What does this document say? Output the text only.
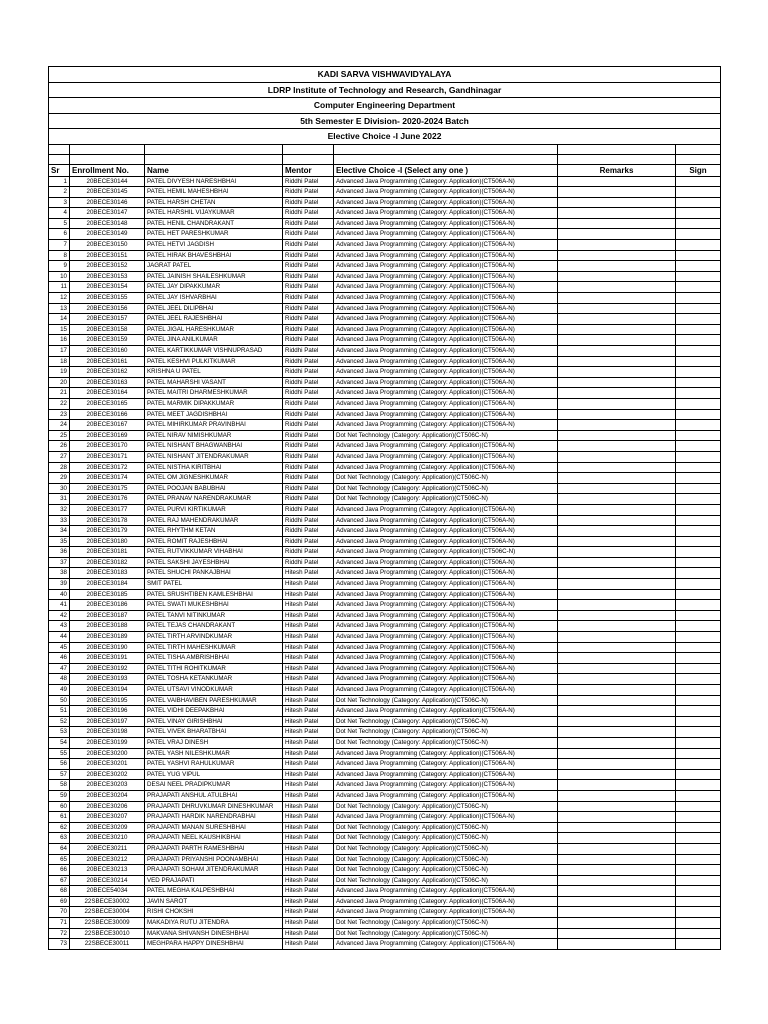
KADI SARVA VISHWAVIDYALAYA						
LDRP Institute of Technology and Research, Gandhinagar						
Computer Engineering Department						
5th Semester E Division- 2020-2024 Batch						
Elective Choice -I June 2022						

Sr	Enrollment No.	Name	Mentor	Elective Choice -I (Select any one )	Remarks	Sign
1	20BECE30144	PATEL DIVYESH NARESHBHAI	Riddhi Patel	Advanced Java Programming (Category: Application)(CT506A-N)		
2	20BECE30145	PATEL HEMIL MAHESHBHAI	Riddhi Patel	Advanced Java Programming (Category: Application)(CT506A-N)		
3	20BECE30146	PATEL HARSH CHETAN	Riddhi Patel	Advanced Java Programming (Category: Application)(CT506A-N)		
4	20BECE30147	PATEL HARSHIL VIJAYKUMAR	Riddhi Patel	Advanced Java Programming (Category: Application)(CT506A-N)		
5	20BECE30148	PATEL HENIL CHANDRAKANT	Riddhi Patel	Advanced Java Programming (Category: Application)(CT506A-N)		
6	20BECE30149	PATEL HET PARESHKUMAR	Riddhi Patel	Advanced Java Programming (Category: Application)(CT506A-N)		
7	20BECE30150	PATEL HETVI JAGDISH	Riddhi Patel	Advanced Java Programming (Category: Application)(CT506A-N)		
8	20BECE30151	PATEL HIRAK BHAVESHBHAI	Riddhi Patel	Advanced Java Programming (Category: Application)(CT506A-N)		
9	20BECE30152	JAGRAT PATEL	Riddhi Patel	Advanced Java Programming (Category: Application)(CT506A-N)		
10	20BECE30153	PATEL JAINISH SHAILESHKUMAR	Riddhi Patel	Advanced Java Programming (Category: Application)(CT506A-N)		
11	20BECE30154	PATEL JAY DIPAKKUMAR	Riddhi Patel	Advanced Java Programming (Category: Application)(CT506A-N)		
12	20BECE30155	PATEL JAY ISHVARBHAI	Riddhi Patel	Advanced Java Programming (Category: Application)(CT506A-N)		
13	20BECE30156	PATEL JEEL DILIPBHAI	Riddhi Patel	Advanced Java Programming (Category: Application)(CT506A-N)		
14	20BECE30157	PATEL JEEL RAJESHBHAI	Riddhi Patel	Advanced Java Programming (Category: Application)(CT506A-N)		
15	20BECE30158	PATEL JIGAL HARESHKUMAR	Riddhi Patel	Advanced Java Programming (Category: Application)(CT506A-N)		
16	20BECE30159	PATEL JINA ANILKUMAR	Riddhi Patel	Advanced Java Programming (Category: Application)(CT506A-N)		
17	20BECE30160	PATEL KARTIKKUMAR VISHNUPRASAD	Riddhi Patel	Advanced Java Programming (Category: Application)(CT506A-N)		
18	20BECE30161	PATEL KESHVI PULKITKUMAR	Riddhi Patel	Advanced Java Programming (Category: Application)(CT506A-N)		
19	20BECE30162	KRISHNA U PATEL	Riddhi Patel	Advanced Java Programming (Category: Application)(CT506A-N)		
20	20BECE30163	PATEL MAHARSHI VASANT	Riddhi Patel	Advanced Java Programming (Category: Application)(CT506A-N)		
21	20BECE30164	PATEL MAITRI DHARMESHKUMAR	Riddhi Patel	Advanced Java Programming (Category: Application)(CT506A-N)		
22	20BECE30165	PATEL MARMIK DIPAKKUMAR	Riddhi Patel	Advanced Java Programming (Category: Application)(CT506A-N)		
23	20BECE30166	PATEL MEET JAGDISHBHAI	Riddhi Patel	Advanced Java Programming (Category: Application)(CT506A-N)		
24	20BECE30167	PATEL MIHIRKUMAR PRAVINBHAI	Riddhi Patel	Advanced Java Programming (Category: Application)(CT506A-N)		
25	20BECE30169	PATEL NIRAV NIMISHKUMAR	Riddhi Patel	Dot Net Technology (Category: Application)(CT506C-N)		
26	20BECE30170	PATEL NISHANT BHAGWANBHAI	Riddhi Patel	Advanced Java Programming (Category: Application)(CT506A-N)		
27	20BECE30171	PATEL NISHANT JITENDRAKUMAR	Riddhi Patel	Advanced Java Programming (Category: Application)(CT506A-N)		
28	20BECE30172	PATEL NISTHA KIRITBHAI	Riddhi Patel	Advanced Java Programming (Category: Application)(CT506A-N)		
29	20BECE30174	PATEL OM JIGNESHKUMAR	Riddhi Patel	Dot Net Technology (Category: Application)(CT506C-N)		
30	20BECE30175	PATEL POOJAN BABUBHAI	Riddhi Patel	Dot Net Technology (Category: Application)(CT506C-N)		
31	20BECE30176	PATEL PRANAV NARENDRAKUMAR	Riddhi Patel	Dot Net Technology (Category: Application)(CT506C-N)		
32	20BECE30177	PATEL PURVI KIRTIKUMAR	Riddhi Patel	Advanced Java Programming (Category: Application)(CT506A-N)		
33	20BECE30178	PATEL RAJ MAHENDRAKUMAR	Riddhi Patel	Advanced Java Programming (Category: Application)(CT506A-N)		
34	20BECE30179	PATEL RHYTHM KETAN	Riddhi Patel	Advanced Java Programming (Category: Application)(CT506A-N)		
35	20BECE30180	PATEL ROMIT RAJESHBHAI	Riddhi Patel	Advanced Java Programming (Category: Application)(CT506A-N)		
36	20BECE30181	PATEL RUTVIKKUMAR VIHABHAI	Riddhi Patel	Advanced Java Programming (Category: Application)(CT506C-N)		
37	20BECE30182	PATEL SAKSHI JAYESHBHAI	Riddhi Patel	Advanced Java Programming (Category: Application)(CT506A-N)		
38	20BECE30183	PATEL SHUCHI PANKAJBHAI	Hitesh Patel	Advanced Java Programming (Category: Application)(CT506A-N)		
39	20BECE30184	SMIT PATEL	Hitesh Patel	Advanced Java Programming (Category: Application)(CT506A-N)		
40	20BECE30185	PATEL SRUSHTIBEN KAMLESHBHAI	Hitesh Patel	Advanced Java Programming (Category: Application)(CT506A-N)		
41	20BECE30186	PATEL SWATI MUKESHBHAI	Hitesh Patel	Advanced Java Programming (Category: Application)(CT506A-N)		
42	20BECE30187	PATEL TANVI NITINKUMAR	Hitesh Patel	Advanced Java Programming (Category: Application)(CT506A-N)		
43	20BECE30188	PATEL TEJAS CHANDRAKANT	Hitesh Patel	Advanced Java Programming (Category: Application)(CT506A-N)		
44	20BECE30189	PATEL TIRTH ARVINDKUMAR	Hitesh Patel	Advanced Java Programming (Category: Application)(CT506A-N)		
45	20BECE30190	PATEL TIRTH MAHESHKUMAR	Hitesh Patel	Advanced Java Programming (Category: Application)(CT506A-N)		
46	20BECE30191	PATEL TISHA AMBRISHBHAI	Hitesh Patel	Advanced Java Programming (Category: Application)(CT506A-N)		
47	20BECE30192	PATEL TITHI ROHITKUMAR	Hitesh Patel	Advanced Java Programming (Category: Application)(CT506A-N)		
48	20BECE30193	PATEL TOSHA KETANKUMAR	Hitesh Patel	Advanced Java Programming (Category: Application)(CT506A-N)		
49	20BECE30194	PATEL UTSAVI VINODKUMAR	Hitesh Patel	Advanced Java Programming (Category: Application)(CT506A-N)		
50	20BECE30195	PATEL VAIBHAVIBEN PARESHKUMAR	Hitesh Patel	Dot Net Technology (Category: Application)(CT506C-N)		
51	20BECE30196	PATEL VIDHI DEEPAKBHAI	Hitesh Patel	Advanced Java Programming (Category: Application)(CT506A-N)		
52	20BECE30197	PATEL VINAY GIRISHBHAI	Hitesh Patel	Dot Net Technology (Category: Application)(CT506C-N)		
53	20BECE30198	PATEL VIVEK BHARATBHAI	Hitesh Patel	Dot Net Technology (Category: Application)(CT506C-N)		
54	20BECE30199	PATEL VRAJ DINESH	Hitesh Patel	Dot Net Technology (Category: Application)(CT506C-N)		
55	20BECE30200	PATEL YASH NILESHKUMAR	Hitesh Patel	Advanced Java Programming (Category: Application)(CT506A-N)		
56	20BECE30201	PATEL YASHVI RAHULKUMAR	Hitesh Patel	Advanced Java Programming (Category: Application)(CT506A-N)		
57	20BECE30202	PATEL YUG VIPUL	Hitesh Patel	Advanced Java Programming (Category: Application)(CT506A-N)		
58	20BECE30203	DESAI NEEL PRADIPKUMAR	Hitesh Patel	Advanced Java Programming (Category: Application)(CT506A-N)		
59	20BECE30204	PRAJAPATI ANSHUL ATULBHAI	Hitesh Patel	Advanced Java Programming (Category: Application)(CT506A-N)		
60	20BECE30206	PRAJAPATI DHRUVKUMAR DINESHKUMAR	Hitesh Patel	Dot Net Technology (Category: Application)(CT506C-N)		
61	20BECE30207	PRAJAPATI HARDIK NARENDRABHAI	Hitesh Patel	Advanced Java Programming (Category: Application)(CT506A-N)		
62	20BECE30209	PRAJAPATI MANAN SURESHBHAI	Hitesh Patel	Dot Net Technology (Category: Application)(CT506C-N)		
63	20BECE30210	PRAJAPATI NEEL KAUSHIKBHAI	Hitesh Patel	Dot Net Technology (Category: Application)(CT506C-N)		
64	20BECE30211	PRAJAPATI PARTH RAMESHBHAI	Hitesh Patel	Dot Net Technology (Category: Application)(CT506C-N)		
65	20BECE30212	PRAJAPATI PRIYANSHI POONAMBHAI	Hitesh Patel	Dot Net Technology (Category: Application)(CT506C-N)		
66	20BECE30213	PRAJAPATI SOHAM JITENDRAKUMAR	Hitesh Patel	Dot Net Technology (Category: Application)(CT506C-N)		
67	20BECE30214	VED PRAJAPATI	Hitesh Patel	Dot Net Technology (Category: Application)(CT506C-N)		
68	20BECE54034	PATEL MEGHA KALPESHBHAI	Hitesh Patel	Advanced Java Programming (Category: Application)(CT506A-N)		
69	22SBECE30002	JAVIN SAROT	Hitesh Patel	Advanced Java Programming (Category: Application)(CT506A-N)		
70	22SBECE30004	RISHI CHOKSHI	Hitesh Patel	Advanced Java Programming (Category: Application)(CT506A-N)		
71	22SBECE30009	MAKADIYA RUTU JITENDRA	Hitesh Patel	Dot Net Technology (Category: Application)(CT506C-N)		
72	22SBECE30010	MAKVANA SHIVANSH DINESHBHAI	Hitesh Patel	Dot Net Technology (Category: Application)(CT506C-N)		
73	22SBECE30011	MEGHPARA HAPPY DINESHBHAI	Hitesh Patel	Advanced Java Programming (Category: Application)(CT506A-N)		
